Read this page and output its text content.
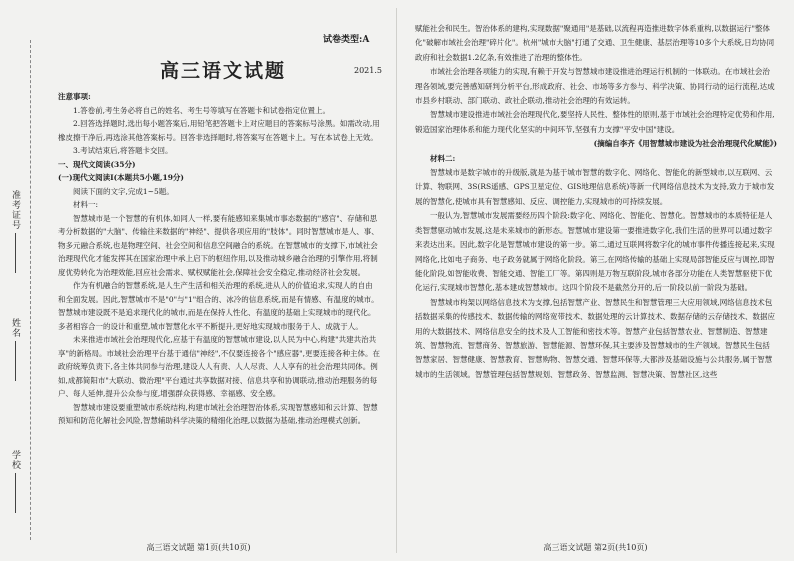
准考证号
姓名
学校
试卷类型:A
高三语文试题	2021.5

注意事项:

1.答卷前,考生务必将自己的姓名、考生号等填写在答题卡和试卷指定位置上。

2.回答选择题时,选出每小题答案后,用铅笔把答题卡上对应题目的答案标号涂黑。如需改动,用橡皮擦干净后,再选涂其他答案标号。回答非选择题时,将答案写在答题卡上。写在本试卷上无效。

3.考试结束后,将答题卡交回。

一、现代文阅读(35分)

(一)现代文阅读Ⅰ(本题共5小题,19分)

阅读下面的文字,完成1~5题。

材料一:

智慧城市是一个智慧的有机体,如同人一样,要有能感知来集城市事态数据的"感官"、存储和思考分析数据的"大脑"、传输往来数据的"神经"、提供各项应用的"肢体"。同时智慧城市是人、事、物多元融合系统,也是物理空间、社会空间和信息空间融合的系统。在智慧城市的支撑下,市域社会治理现代化才能发挥其在国家治理中承上启下的枢纽作用,以及推动城乡融合治理的引擎作用,将制度优势转化为治理效能,回应社会需求、赋权赋能社会,保障社会安全稳定,推动经济社会发展。

作为有机融合的智慧系统,是人生产生活和相关治理的系统,进从人的价值追求,实现人的自由和全面发展。因此,智慧城市不是"0"与"1"组合的、冰冷的信息系统,而是有情感、有温度的城市。智慧城市建设既不是追求现代化的城市,而是在保持人性化、有温度的基础上实现城市的现代化。多者相容合一的设计和重塑,城市智慧化水平不断提升,更好地实现城市服务于人、成就于人。

未来推进市域社会治理现代化,应基于有温度的智慧城市建设,以人民为中心,构建"共建共治共享"的新格局。市域社会治理平台基于通信"神经",不仅要连接各个"感应器",更要连接各种主体。在政府统筹负责下,各主体共同参与治理,建设人人有责、人人尽责、人人享有的社会治理共同体。例如,成都简阳市"大联动、微治理"平台通过共享数据对接、信息共享和协调联动,推动治理服务的每户、每人延伸,提升公众参与度,增强群众获得感、幸福感、安全感。

智慧城市建设要重塑城市系统结构,构建市域社会治理智治体系,实现智慧感知和云计算、智慧预知和防范化解社会风险,智慧辅助科学决策的精细化治理,以数据为基础,推动治理模式创新。

高三语文试题 第1页(共10页)

赋能社会和民生。智治体系的建构,实现数据"聚通用"是基础,以流程再造推进数字体系重构,以数据运行"整体化"破解市域社会治理"碎片化"。杭州"城市大脑"打通了交通、卫生健康、基层治理等10多个大系统,日均协同政府和社会数据1.2亿条,有效推进了治理的整体性。

市域社会治理各项能力的实现,有赖于开发与智慧城市建设推进治理运行机制的一体联动。在市域社会治理各领域,要完善感知研判分析平台,形成政府、社会、市场等多方参与、科学决策、协同行动的运行流程,达成市县乡村联动、部门联动、政社企联动,推动社会治理的有效运转。

智慧城市建设推进市域社会治理现代化,要坚持人民性、整体性的原则,基于市域社会治理特定优势和作用,锻造国家治理体系和能力现代化坚实的中间环节,坚强有力支撑"平安中国"建设。

(摘编自李齐《用智慧城市建设为社会治理现代化赋能》)

材料二:

智慧城市是数字城市的升级版,就是为基于城市智慧的数字化、网络化、智能化的新型城市,以互联网、云计算、物联网、3S(RS遥感、GPS卫星定位、GIS地理信息系统)等新一代网络信息技术为支持,致力于城市发展的智慧化,使城市具有智慧感知、反应、调控能力,实现城市的可持续发展。

一般认为,智慧城市发展需要经历四个阶段:数字化、网络化、智能化、智慧化。智慧城市的本质特征是人类智慧驱动城市发展,这是未来城市的新形态。智慧城市建设第一要推进数字化,我们生活的世界可以通过数字来表达出来。因此,数字化是智慧城市建设的第一步。第二,通过互联网将数字化的城市事件传播连接起来,实现网络化,比如电子商务、电子政务就属于网络化阶段。第三,在网络传输的基础上实现局部智能反应与调控,即智能化阶段,如智能收费、智能交通、智能工厂等。第四则是万物互联阶段,城市各部分功能在人类智慧驱使下优化运行,实现城市智慧化,基本建成智慧城市。这四个阶段不是截然分开的,后一阶段以前一阶段为基础。

智慧城市构架以网络信息技术为支撑,包括智慧产业、智慧民生和智慧管理三大应用领域,网络信息技术包括数据采集的传感技术、数据传输的网络宽带技术、数据处理的云计算技术、数据存储的云存储技术、数据应用的大数据技术、网络信息安全的技术及人工智能和密技术等。智慧产业包括智慧农业、智慧制造、智慧建筑、智慧物流、智慧商务、智慧旅游、智慧能源、智慧环保,其主要涉及智慧城市的生产领域。智慧民生包括智慧家居、智慧健康、智慧教育、智慧购物、智慧交通、智慧环保等,大都涉及基础设施与公共服务,属于智慧城市的生活领域。智慧管理包括智慧规划、智慧政务、智慧监测、智慧决策、智慧社区,这些

高三语文试题 第2页(共10页)
